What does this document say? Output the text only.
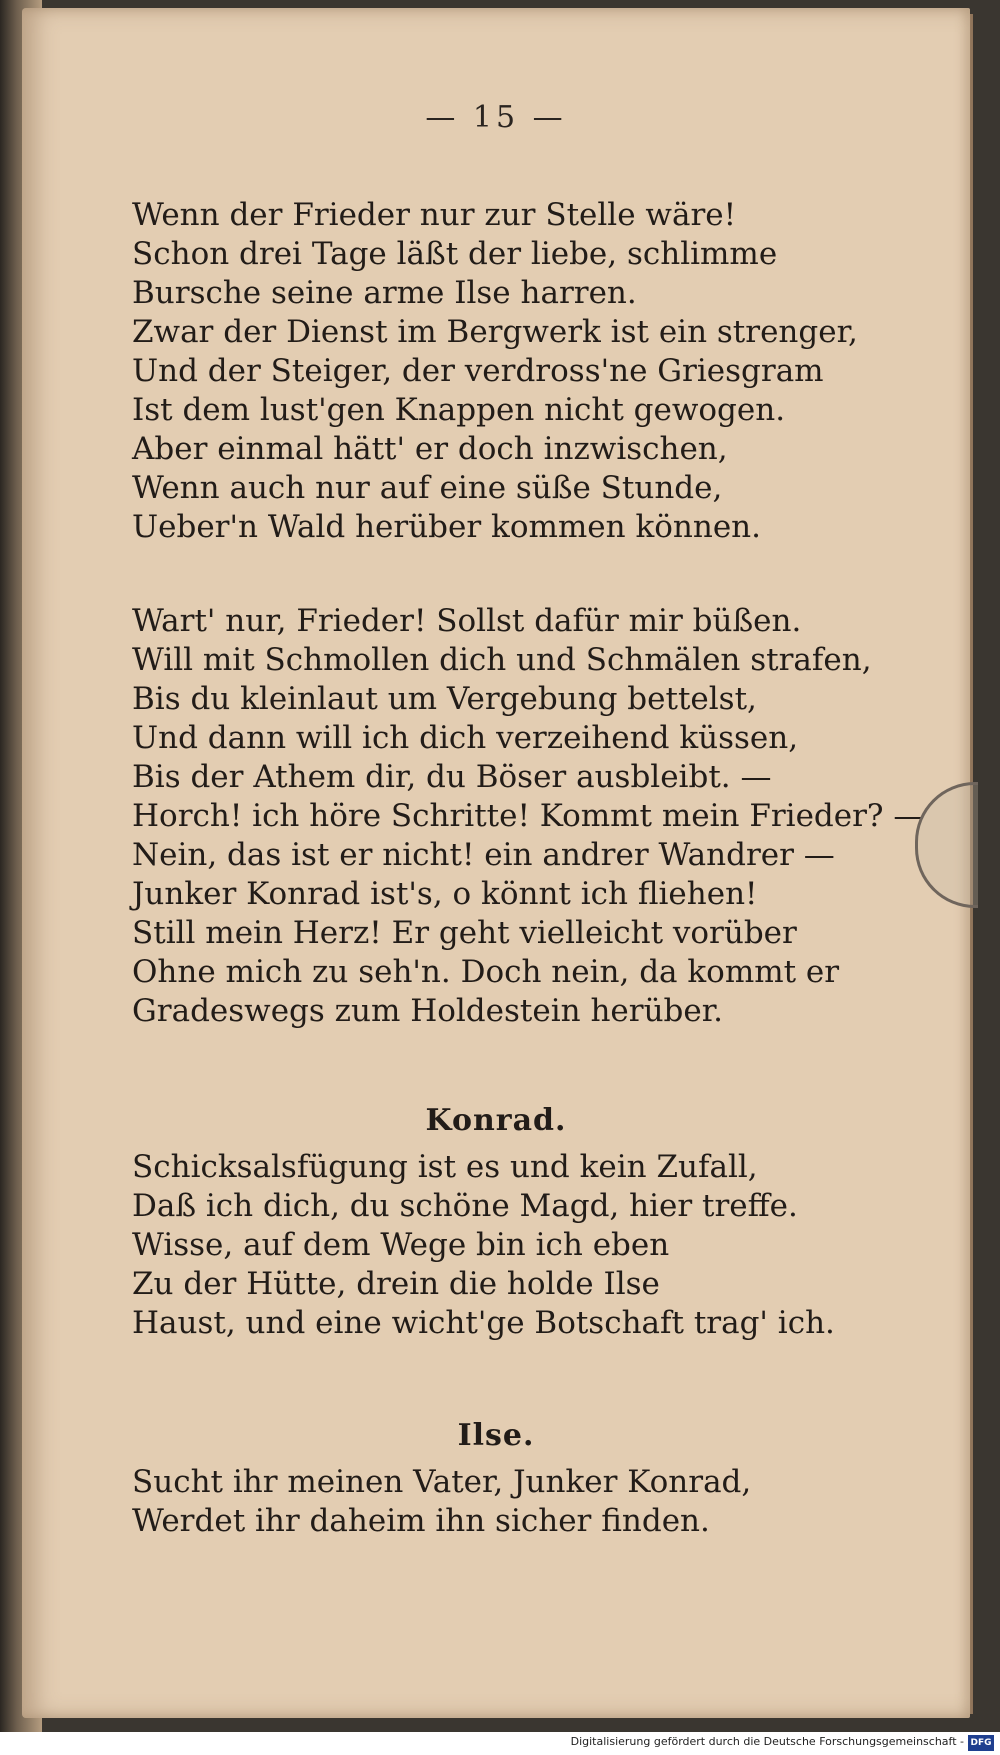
— 15 —
Wenn der Frieder nur zur Stelle wäre!
Schon drei Tage läßt der liebe, schlimme
Bursche seine arme Ilse harren.
Zwar der Dienst im Bergwerk ist ein strenger,
Und der Steiger, der verdross'ne Griesgram
Ist dem lust'gen Knappen nicht gewogen.
Aber einmal hätt' er doch inzwischen,
Wenn auch nur auf eine süße Stunde,
Ueber'n Wald herüber kommen können.
Wart' nur, Frieder! Sollst dafür mir büßen.
Will mit Schmollen dich und Schmälen strafen,
Bis du kleinlaut um Vergebung bettelst,
Und dann will ich dich verzeihend küssen,
Bis der Athem dir, du Böser ausbleibt. —
Horch! ich höre Schritte! Kommt mein Frieder? —
Nein, das ist er nicht! ein andrer Wandrer —
Junker Konrad ist's, o könnt ich fliehen!
Still mein Herz! Er geht vielleicht vorüber
Ohne mich zu seh'n. Doch nein, da kommt er
Gradeswegs zum Holdestein herüber.
Konrad.
Schicksalsfügung ist es und kein Zufall,
Daß ich dich, du schöne Magd, hier treffe.
Wisse, auf dem Wege bin ich eben
Zu der Hütte, drein die holde Ilse
Haust, und eine wicht'ge Botschaft trag' ich.
Ilse.
Sucht ihr meinen Vater, Junker Konrad,
Werdet ihr daheim ihn sicher finden.
Digitalisierung gefördert durch die Deutsche Forschungsgemeinschaft - DFG
